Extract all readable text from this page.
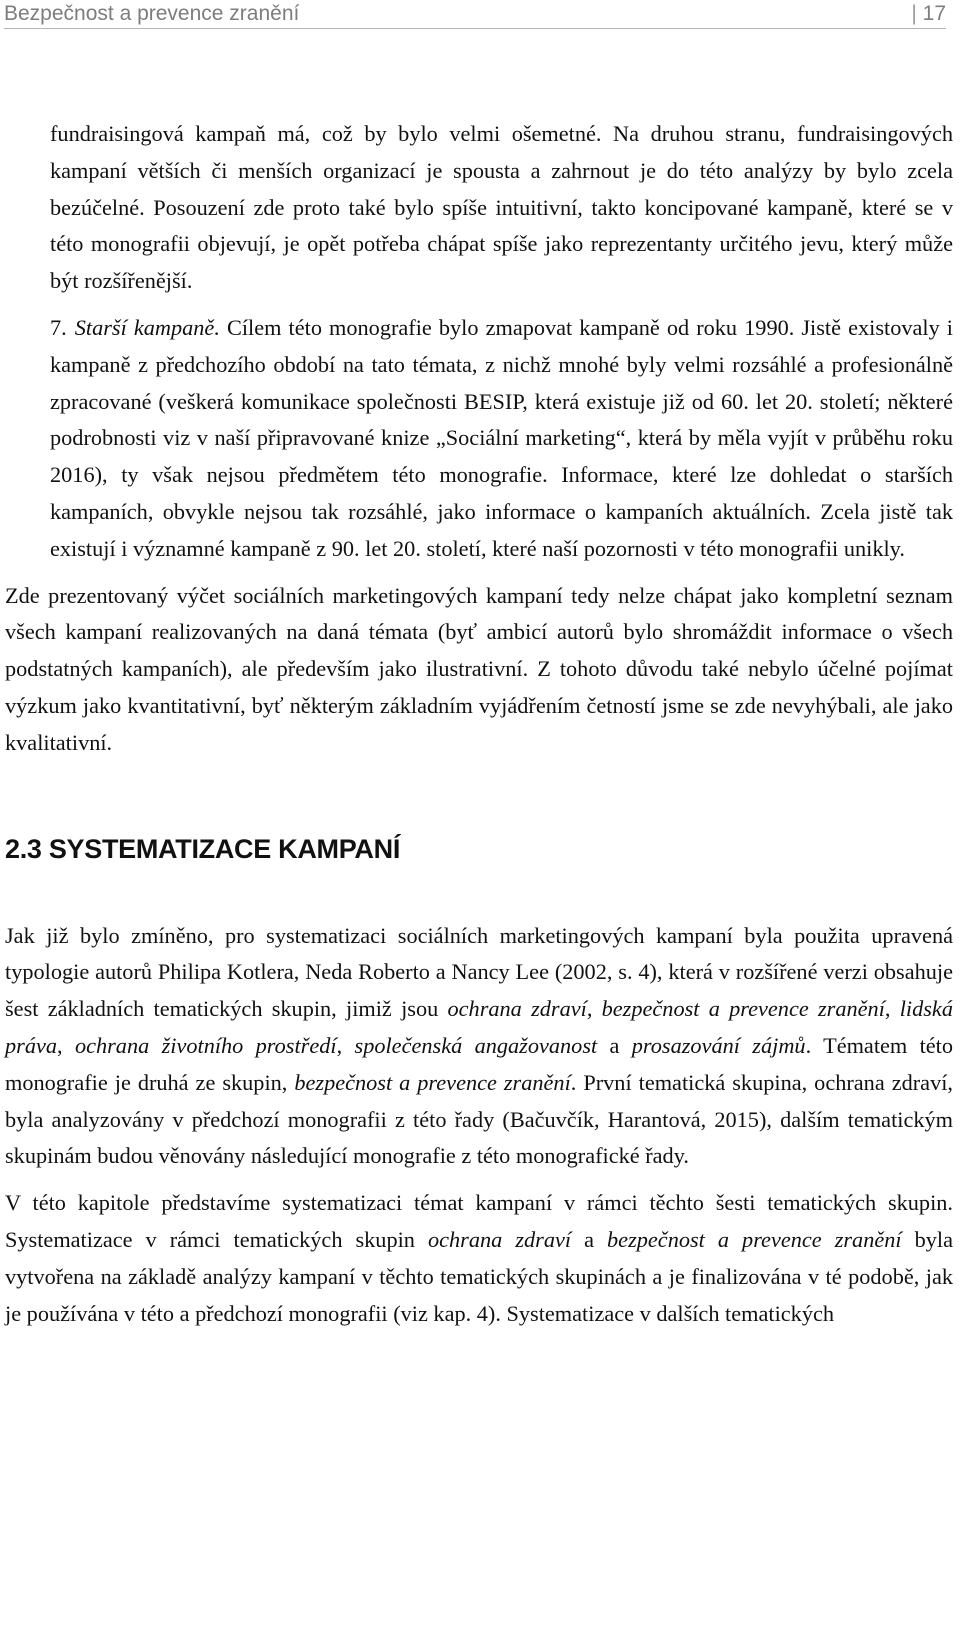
Bezpečnost a prevence zranění
|	17

fundraisingová kampaň má, což by bylo velmi ošemetné. Na druhou stranu, fundraisingových kampaní větších či menších organizací je spousta a zahrnout je do této analýzy by bylo zcela bezúčelné. Posouzení zde proto také bylo spíše intuitivní, takto koncipované kampaně, které se v této monografii objevují, je opět potřeba chápat spíše jako reprezentanty určitého jevu, který může být rozšířenější.

7. Starší kampaně. Cílem této monografie bylo zmapovat kampaně od roku 1990. Jistě existovaly i kampaně z předchozího období na tato témata, z nichž mnohé byly velmi rozsáhlé a profesionálně zpracované (veškerá komunikace společnosti BESIP, která existuje již od 60. let 20. století; některé podrobnosti viz v naší připravované knize „Sociální marketing“, která by měla vyjít v průběhu roku 2016), ty však nejsou předmětem této monografie. Informace, které lze dohledat o starších kampaních, obvykle nejsou tak rozsáhlé, jako informace o kampaních aktuálních. Zcela jistě tak existují i významné kampaně z 90. let 20. století, které naší pozornosti v této monografii unikly.

Zde prezentovaný výčet sociálních marketingových kampaní tedy nelze chápat jako kompletní seznam všech kampaní realizovaných na daná témata (byť ambicí autorů bylo shromáždit informace o všech podstatných kampaních), ale především jako ilustrativní. Z tohoto důvodu také nebylo účelné pojímat výzkum jako kvantitativní, byť některým základním vyjádřením četností jsme se zde nevyhýbali, ale jako kvalitativní.

2.3 SYSTEMATIZACE KAMPANÍ

Jak již bylo zmíněno, pro systematizaci sociálních marketingových kampaní byla použita upravená typologie autorů Philipa Kotlera, Neda Roberto a Nancy Lee (2002, s. 4), která v rozšířené verzi obsahuje šest základních tematických skupin, jimiž jsou ochrana zdraví, bezpečnost a prevence zranění, lidská práva, ochrana životního prostředí, společenská angažovanost a prosazování zájmů. Tématem této monografie je druhá ze skupin, bezpečnost a prevence zranění. První tematická skupina, ochrana zdraví, byla analyzovány v předchozí monografii z této řady (Bačuvčík, Harantová, 2015), dalším tematickým skupinám budou věnovány následující monografie z této monografické řady.

V této kapitole představíme systematizaci témat kampaní v rámci těchto šesti tematických skupin. Systematizace v rámci tematických skupin ochrana zdraví a bezpečnost a prevence zranění byla vytvořena na základě analýzy kampaní v těchto tematických skupinách a je finalizována v té podobě, jak je používána v této a předchozí monografii (viz kap. 4). Systematizace v dalších tematických
